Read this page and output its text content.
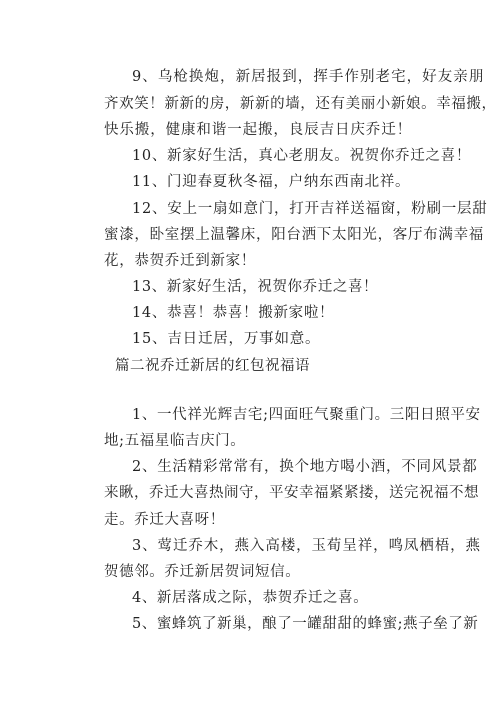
9、乌枪换炮，新居报到，挥手作别老宅，好友亲朋
齐欢笑！新新的房，新新的墙，还有美丽小新娘。幸福搬，
快乐搬，健康和谐一起搬，良辰吉日庆乔迁！
10、新家好生活，真心老朋友。祝贺你乔迁之喜！
11、门迎春夏秋冬福，户纳东西南北祥。
12、安上一扇如意门，打开吉祥送福窗，粉刷一层甜
蜜漆，卧室摆上温馨床，阳台洒下太阳光，客厅布满幸福
花，恭贺乔迁到新家！
13、新家好生活，祝贺你乔迁之喜！
14、恭喜！恭喜！搬新家啦！
15、吉日迁居，万事如意。
篇二祝乔迁新居的红包祝福语
1、一代祥光辉吉宅;四面旺气聚重门。三阳日照平安
地;五福星临吉庆门。
2、生活精彩常常有，换个地方喝小酒，不同风景都
来瞅，乔迁大喜热闹守，平安幸福紧紧搂，送完祝福不想
走。乔迁大喜呀！
3、莺迁乔木，燕入高楼，玉荀呈祥，鸣凤栖梧，燕
贺德邻。乔迁新居贺词短信。
4、新居落成之际，恭贺乔迁之喜。
5、蜜蜂筑了新巢，酿了一罐甜甜的蜂蜜;燕子垒了新
